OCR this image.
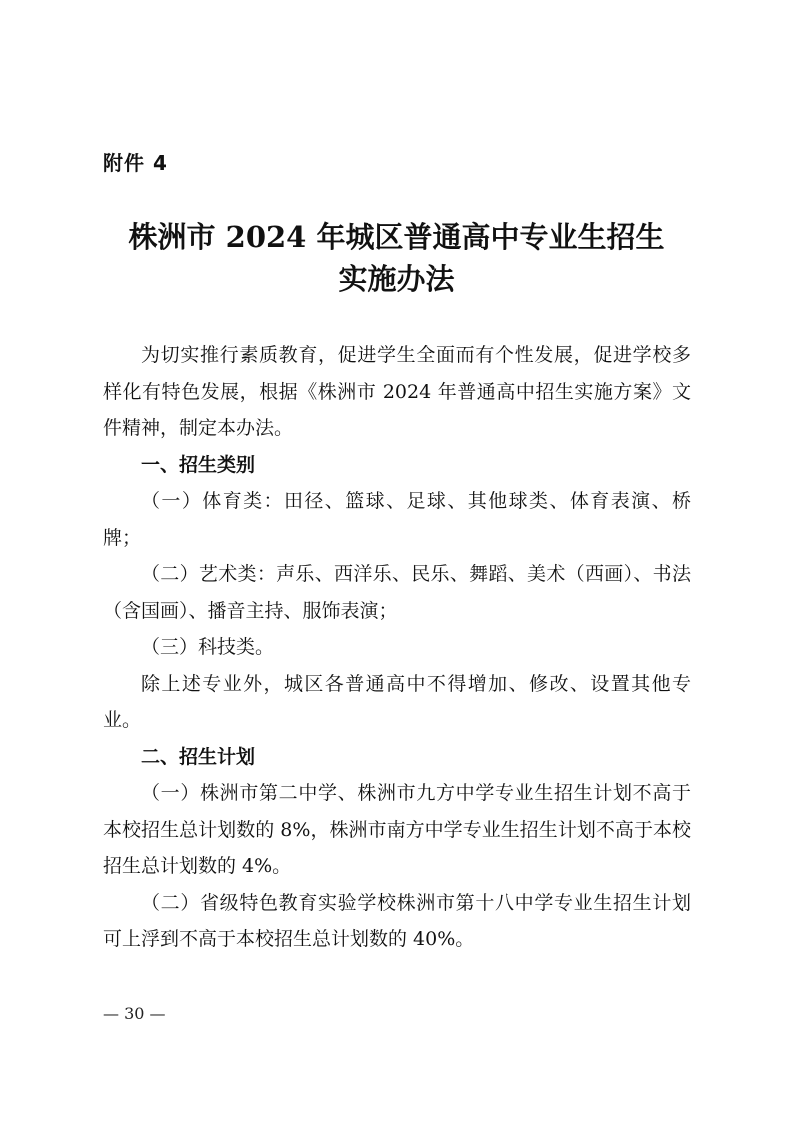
附件 4
株洲市 2024 年城区普通高中专业生招生
实施办法

为切实推行素质教育，促进学生全面而有个性发展，促进学校多样化有特色发展，根据《株洲市 2024 年普通高中招生实施方案》文件精神，制定本办法。

一、招生类别

（一）体育类：田径、篮球、足球、其他球类、体育表演、桥牌；

（二）艺术类：声乐、西洋乐、民乐、舞蹈、美术（西画）、书法（含国画）、播音主持、服饰表演；

（三）科技类。

除上述专业外，城区各普通高中不得增加、修改、设置其他专业。

二、招生计划

（一）株洲市第二中学、株洲市九方中学专业生招生计划不高于本校招生总计划数的 8%，株洲市南方中学专业生招生计划不高于本校招生总计划数的 4%。

（二）省级特色教育实验学校株洲市第十八中学专业生招生计划可上浮到不高于本校招生总计划数的 40%。

— 30 —
